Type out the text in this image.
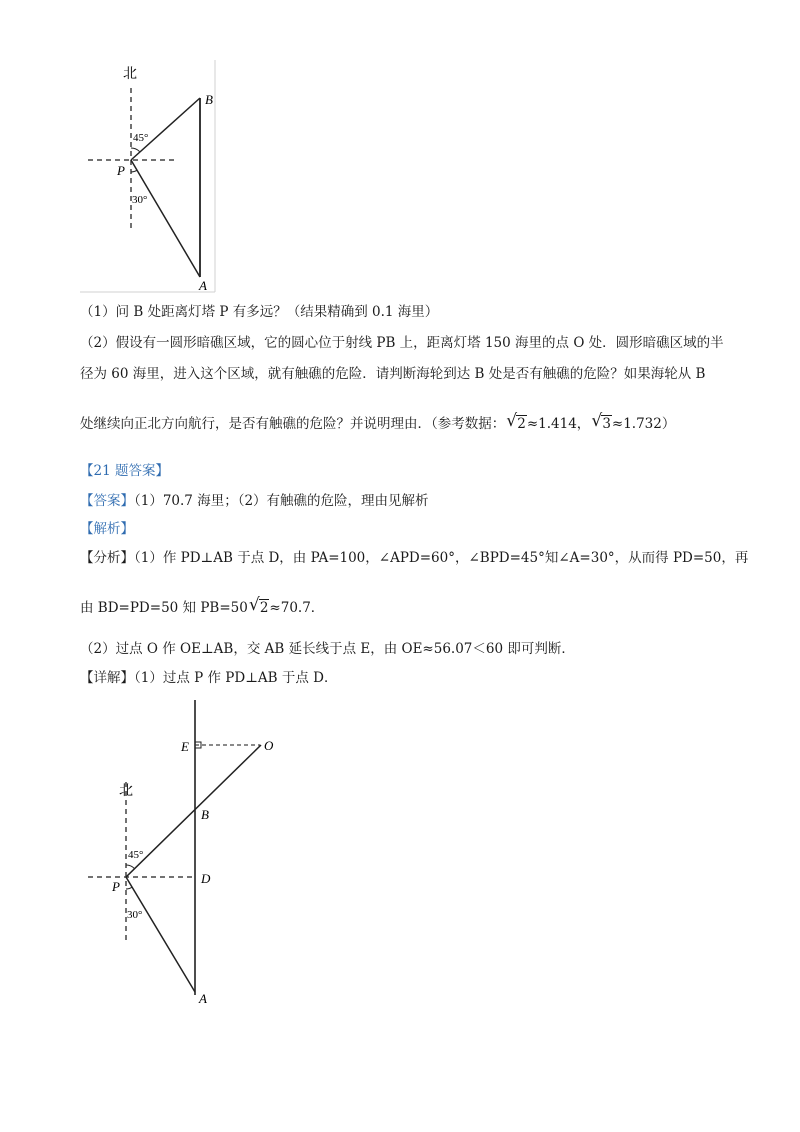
北
45°
30°
B
P
A
（1）问 B 处距离灯塔 P 有多远？（结果精确到 0.1 海里）
（2）假设有一圆形暗礁区域，它的圆心位于射线 PB 上，距离灯塔 150 海里的点 O 处．圆形暗礁区域的半
径为 60 海里，进入这个区域，就有触礁的危险．请判断海轮到达 B 处是否有触礁的危险？如果海轮从 B
处继续向正北方向航行，是否有触礁的危险？并说明理由．（参考数据： √ 2≈1.414， √ 3≈1.732）
【21 题答案】
【答案】（1）70.7 海里；（2）有触礁的危险，理由见解析
【解析】
【分析】（1）作 PD⊥AB 于点 D，由 PA=100，∠APD=60°，∠BPD=45°知∠A=30°，从而得 PD=50，再
由 BD=PD=50 知 PB=50 √ 2≈70.7．
（2）过点 O 作 OE⊥AB，交 AB 延长线于点 E，由 OE≈56.07＜60 即可判断．
【详解】（1）过点 P 作 PD⊥AB 于点 D．
北
45°
30°
E	O
B
D
P
A
